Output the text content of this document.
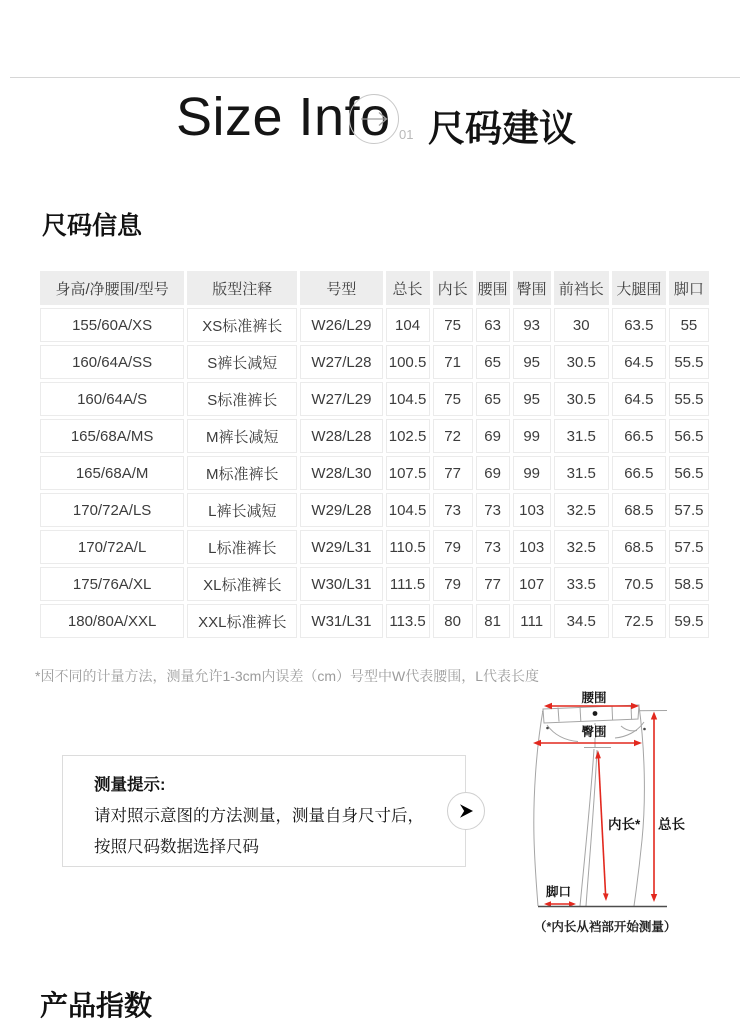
Size Info 01 尺码建议
尺码信息
身高/净腰围/型号	版型注释	号型	总长	内长	腰围	臀围	前裆长	大腿围	脚口
155/60A/XS	XS标准裤长	W26/L29	104	75	63	93	30	63.5	55
160/64A/SS	S裤长减短	W27/L28	100.5	71	65	95	30.5	64.5	55.5
160/64A/S	S标准裤长	W27/L29	104.5	75	65	95	30.5	64.5	55.5
165/68A/MS	M裤长减短	W28/L28	102.5	72	69	99	31.5	66.5	56.5
165/68A/M	M标准裤长	W28/L30	107.5	77	69	99	31.5	66.5	56.5
170/72A/LS	L裤长减短	W29/L28	104.5	73	73	103	32.5	68.5	57.5
170/72A/L	L标准裤长	W29/L31	110.5	79	73	103	32.5	68.5	57.5
175/76A/XL	XL标准裤长	W30/L31	111.5	79	77	107	33.5	70.5	58.5
180/80A/XXL	XXL标准裤长	W31/L31	113.5	80	81	111	34.5	72.5	59.5
*因不同的计量方法，测量允许1-3cm内误差（cm）号型中W代表腰围，L代表长度
测量提示:
请对照示意图的方法测量，测量自身尺寸后，
按照尺码数据选择尺码
腰围
臀围
内长* 总长
脚口
（*内长从裆部开始测量）
产品指数
